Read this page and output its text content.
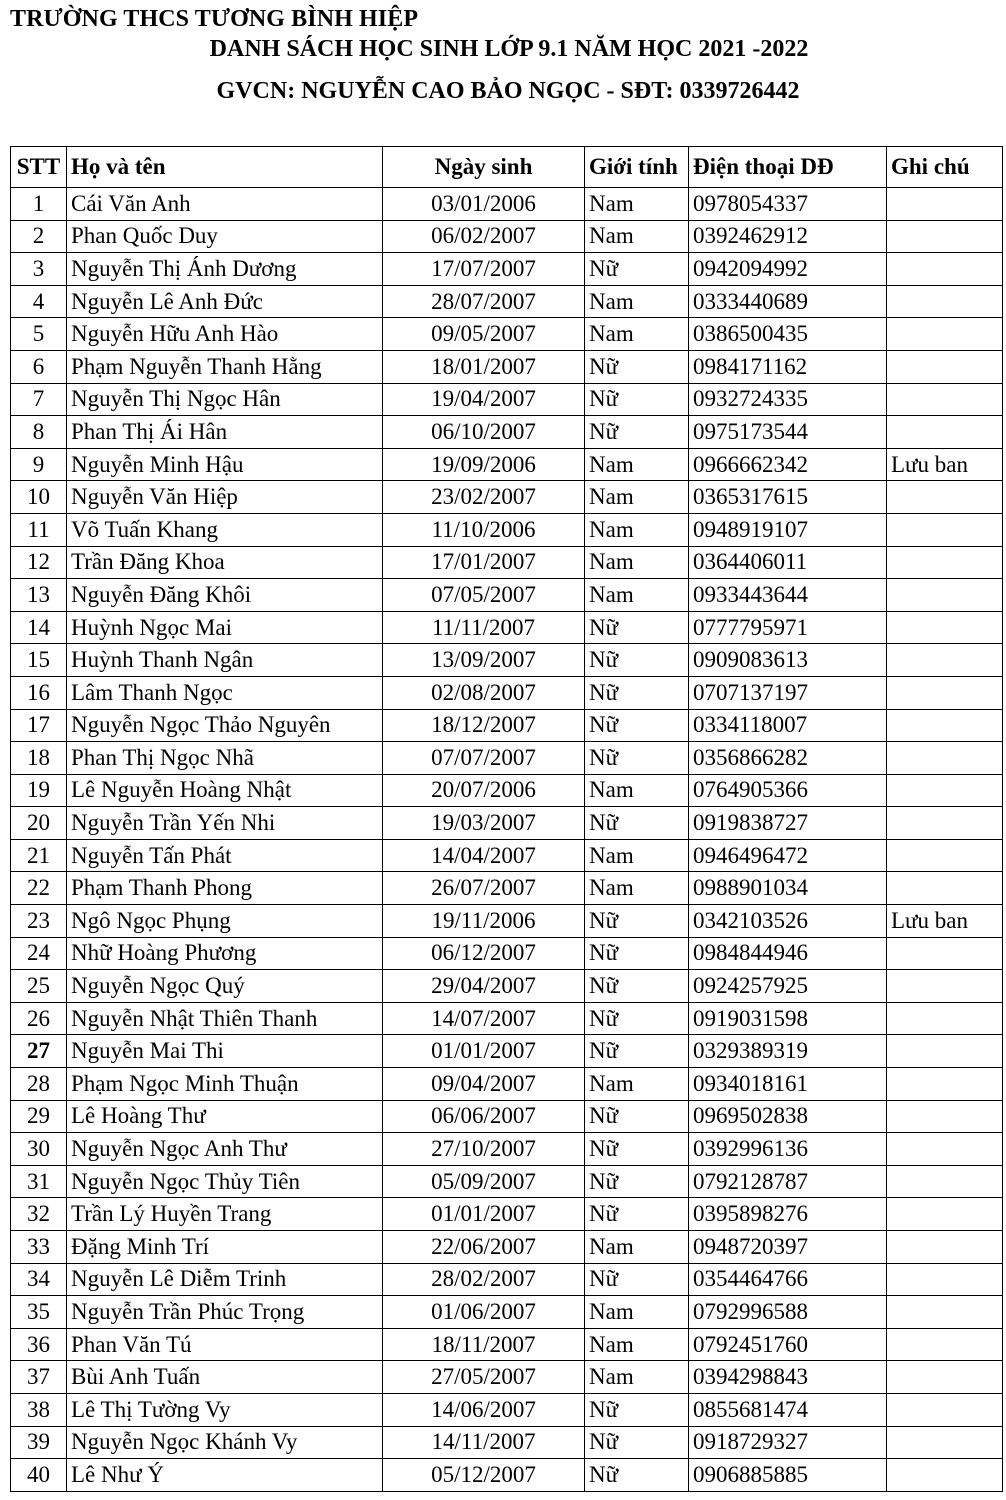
TRƯỜNG THCS TƯƠNG BÌNH HIỆP
DANH SÁCH HỌC SINH LỚP 9.1 NĂM HỌC 2021 -2022
GVCN: NGUYỄN CAO BẢO NGỌC - SĐT: 0339726442
STT	Họ và tên	Ngày sinh	Giới tính	Điện thoại DĐ	Ghi chú
1	Cái Văn Anh	03/01/2006	Nam	0978054337	
2	Phan Quốc Duy	06/02/2007	Nam	0392462912	
3	Nguyễn Thị Ánh Dương	17/07/2007	Nữ	0942094992	
4	Nguyễn Lê Anh Đức	28/07/2007	Nam	0333440689	
5	Nguyễn Hữu Anh Hào	09/05/2007	Nam	0386500435	
6	Phạm Nguyễn Thanh Hằng	18/01/2007	Nữ	0984171162	
7	Nguyễn Thị Ngọc Hân	19/04/2007	Nữ	0932724335	
8	Phan Thị Ái Hân	06/10/2007	Nữ	0975173544	
9	Nguyễn Minh Hậu	19/09/2006	Nam	0966662342	Lưu ban
10	Nguyễn Văn Hiệp	23/02/2007	Nam	0365317615	
11	Võ Tuấn Khang	11/10/2006	Nam	0948919107	
12	Trần Đăng Khoa	17/01/2007	Nam	0364406011	
13	Nguyễn Đăng Khôi	07/05/2007	Nam	0933443644	
14	Huỳnh Ngọc Mai	11/11/2007	Nữ	0777795971	
15	Huỳnh Thanh Ngân	13/09/2007	Nữ	0909083613	
16	Lâm Thanh Ngọc	02/08/2007	Nữ	0707137197	
17	Nguyễn Ngọc Thảo Nguyên	18/12/2007	Nữ	0334118007	
18	Phan Thị Ngọc Nhã	07/07/2007	Nữ	0356866282	
19	Lê Nguyễn Hoàng Nhật	20/07/2006	Nam	0764905366	
20	Nguyễn Trần Yến Nhi	19/03/2007	Nữ	0919838727	
21	Nguyễn Tấn Phát	14/04/2007	Nam	0946496472	
22	Phạm Thanh Phong	26/07/2007	Nam	0988901034	
23	Ngô Ngọc Phụng	19/11/2006	Nữ	0342103526	Lưu ban
24	Nhữ Hoàng Phương	06/12/2007	Nữ	0984844946	
25	Nguyễn Ngọc Quý	29/04/2007	Nữ	0924257925	
26	Nguyễn Nhật Thiên Thanh	14/07/2007	Nữ	0919031598	
27	Nguyễn Mai Thi	01/01/2007	Nữ	0329389319	
28	Phạm Ngọc Minh Thuận	09/04/2007	Nam	0934018161	
29	Lê Hoàng Thư	06/06/2007	Nữ	0969502838	
30	Nguyễn Ngọc Anh Thư	27/10/2007	Nữ	0392996136	
31	Nguyễn Ngọc Thủy Tiên	05/09/2007	Nữ	0792128787	
32	Trần Lý Huyền Trang	01/01/2007	Nữ	0395898276	
33	Đặng Minh Trí	22/06/2007	Nam	0948720397	
34	Nguyễn Lê Diễm Trinh	28/02/2007	Nữ	0354464766	
35	Nguyễn Trần Phúc Trọng	01/06/2007	Nam	0792996588	
36	Phan Văn Tú	18/11/2007	Nam	0792451760	
37	Bùi Anh Tuấn	27/05/2007	Nam	0394298843	
38	Lê Thị Tường Vy	14/06/2007	Nữ	0855681474	
39	Nguyễn Ngọc Khánh Vy	14/11/2007	Nữ	0918729327	
40	Lê Như Ý	05/12/2007	Nữ	0906885885	
